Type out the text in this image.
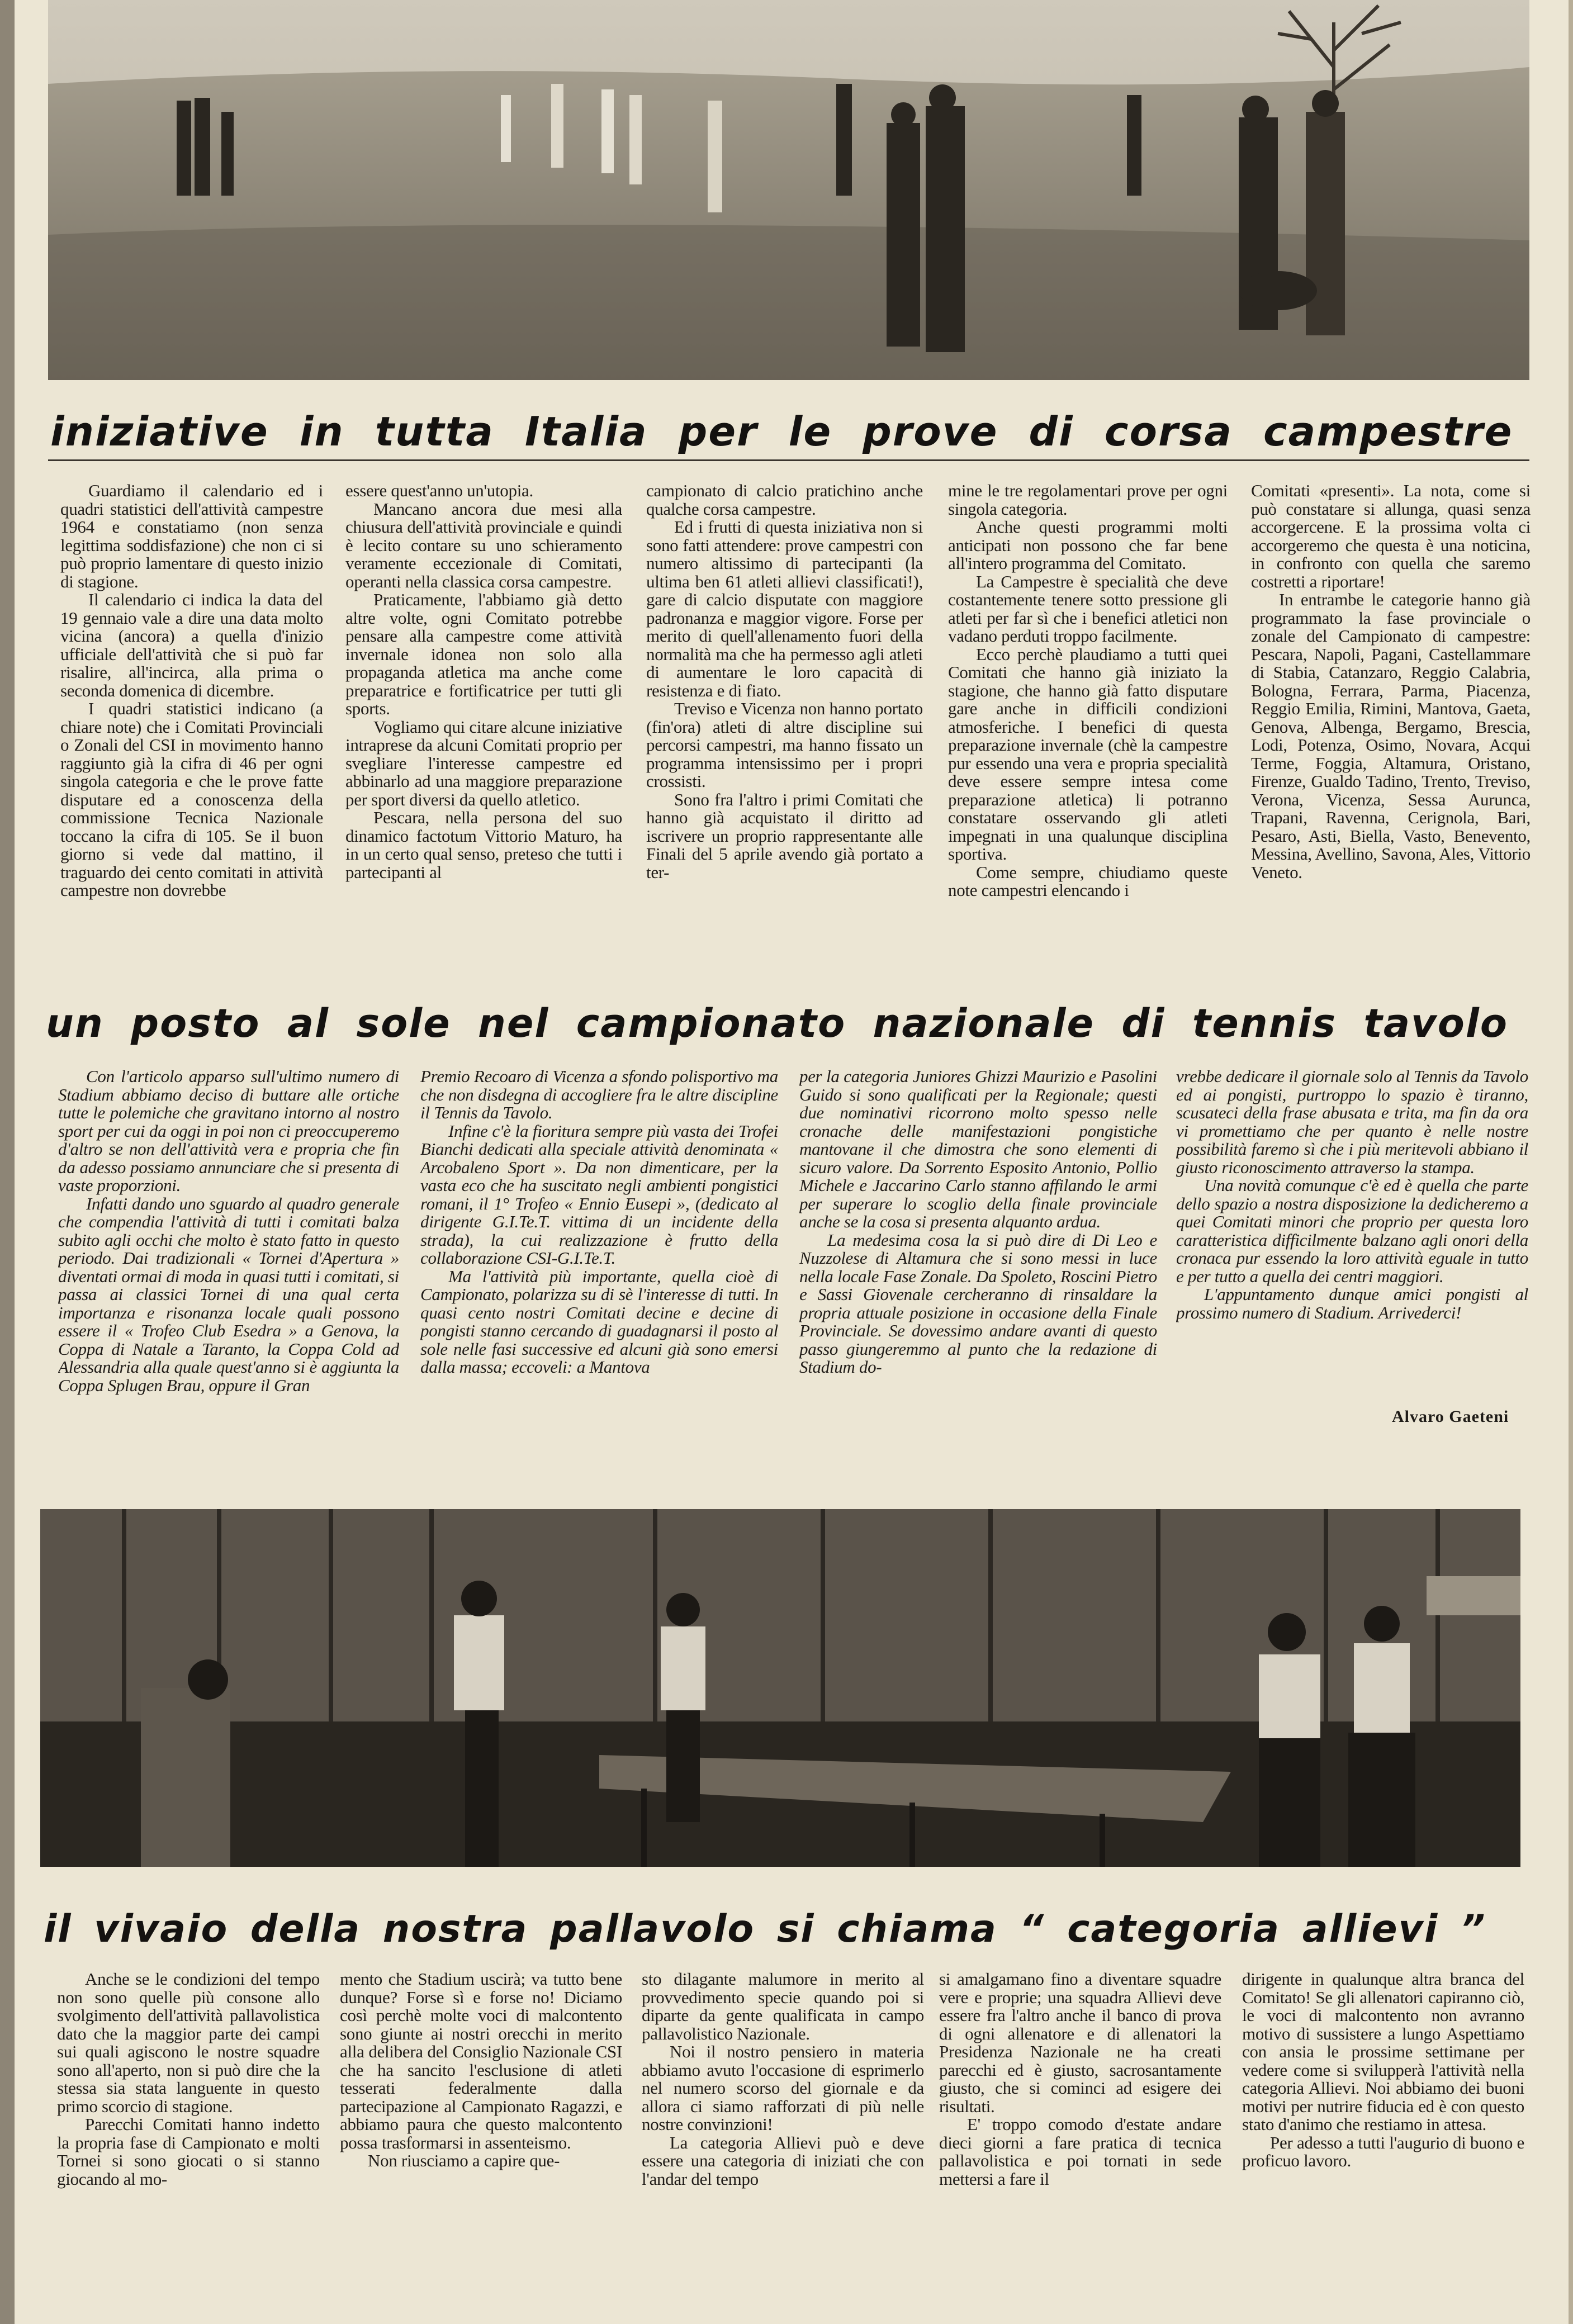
iniziative in tutta Italia per le prove di corsa campestre

Guardiamo il calendario ed i quadri statistici dell'attività campestre 1964 e constatiamo (non senza legittima soddisfazione) che non ci si può proprio lamentare di questo inizio di stagione.

Il calendario ci indica la data del 19 gennaio vale a dire una data molto vicina (ancora) a quella d'inizio ufficiale dell'attività che si può far risalire, all'incirca, alla prima o seconda domenica di dicembre.

I quadri statistici indicano (a chiare note) che i Comitati Provinciali o Zonali del CSI in movimento hanno raggiunto già la cifra di 46 per ogni singola categoria e che le prove fatte disputare ed a conoscenza della commissione Tecnica Nazionale toccano la cifra di 105. Se il buon giorno si vede dal mattino, il traguardo dei cento comitati in attività campestre non dovrebbe

essere quest'anno un'utopia.

Mancano ancora due mesi alla chiusura dell'attività provinciale e quindi è lecito contare su uno schieramento veramente eccezionale di Comitati, operanti nella classica corsa campestre.

Praticamente, l'abbiamo già detto altre volte, ogni Comitato potrebbe pensare alla campestre come attività invernale idonea non solo alla propaganda atletica ma anche come preparatrice e fortificatrice per tutti gli sports.

Vogliamo qui citare alcune iniziative intraprese da alcuni Comitati proprio per svegliare l'interesse campestre ed abbinarlo ad una maggiore preparazione per sport diversi da quello atletico.

Pescara, nella persona del suo dinamico factotum Vittorio Maturo, ha in un certo qual senso, preteso che tutti i partecipanti al

campionato di calcio pratichino anche qualche corsa campestre.

Ed i frutti di questa iniziativa non si sono fatti attendere: prove campestri con numero altissimo di partecipanti (la ultima ben 61 atleti allievi classificati!), gare di calcio disputate con maggiore padronanza e maggior vigore. Forse per merito di quell'allenamento fuori della normalità ma che ha permesso agli atleti di aumentare le loro capacità di resistenza e di fiato.

Treviso e Vicenza non hanno portato (fin'ora) atleti di altre discipline sui percorsi campestri, ma hanno fissato un programma intensissimo per i propri crossisti.

Sono fra l'altro i primi Comitati che hanno già acquistato il diritto ad iscrivere un proprio rappresentante alle Finali del 5 aprile avendo già portato a ter-

mine le tre regolamentari prove per ogni singola categoria.

Anche questi programmi molti anticipati non possono che far bene all'intero programma del Comitato.

La Campestre è specialità che deve costantemente tenere sotto pressione gli atleti per far sì che i benefici atletici non vadano perduti troppo facilmente.

Ecco perchè plaudiamo a tutti quei Comitati che hanno già iniziato la stagione, che hanno già fatto disputare gare anche in difficili condizioni atmosferiche. I benefici di questa preparazione invernale (chè la campestre pur essendo una vera e propria specialità deve essere sempre intesa come preparazione atletica) li potranno constatare osservando gli atleti impegnati in una qualunque disciplina sportiva.

Come sempre, chiudiamo queste note campestri elencando i

Comitati «presenti». La nota, come si può constatare si allunga, quasi senza accorgercene. E la prossima volta ci accorgeremo che questa è una noticina, in confronto con quella che saremo costretti a riportare!

In entrambe le categorie hanno già programmato la fase provinciale o zonale del Campionato di campestre: Pescara, Napoli, Pagani, Castellammare di Stabia, Catanzaro, Reggio Calabria, Bologna, Ferrara, Parma, Piacenza, Reggio Emilia, Rimini, Mantova, Gaeta, Genova, Albenga, Bergamo, Brescia, Lodi, Potenza, Osimo, Novara, Acqui Terme, Foggia, Altamura, Oristano, Firenze, Gualdo Tadino, Trento, Treviso, Verona, Vicenza, Sessa Aurunca, Trapani, Ravenna, Cerignola, Bari, Pesaro, Asti, Biella, Vasto, Benevento, Messina, Avellino, Savona, Ales, Vittorio Veneto.

un posto al sole nel campionato nazionale di tennis tavolo

Con l'articolo apparso sull'ultimo numero di Stadium abbiamo deciso di buttare alle ortiche tutte le polemiche che gravitano intorno al nostro sport per cui da oggi in poi non ci preoccuperemo d'altro se non dell'attività vera e propria che fin da adesso possiamo annunciare che si presenta di vaste proporzioni.

Infatti dando uno sguardo al quadro generale che compendia l'attività di tutti i comitati balza subito agli occhi che molto è stato fatto in questo periodo. Dai tradizionali « Tornei d'Apertura » diventati ormai di moda in quasi tutti i comitati, si passa ai classici Tornei di una qual certa importanza e risonanza locale quali possono essere il « Trofeo Club Esedra » a Genova, la Coppa di Natale a Taranto, la Coppa Cold ad Alessandria alla quale quest'anno si è aggiunta la Coppa Splugen Brau, oppure il Gran

Premio Recoaro di Vicenza a sfondo polisportivo ma che non disdegna di accogliere fra le altre discipline il Tennis da Tavolo.

Infine c'è la fioritura sempre più vasta dei Trofei Bianchi dedicati alla speciale attività denominata « Arcobaleno Sport ». Da non dimenticare, per la vasta eco che ha suscitato negli ambienti pongistici romani, il 1° Trofeo « Ennio Eusepi », (dedicato al dirigente G.I.Te.T. vittima di un incidente della strada), la cui realizzazione è frutto della collaborazione CSI-G.I.Te.T.

Ma l'attività più importante, quella cioè di Campionato, polarizza su di sè l'interesse di tutti. In quasi cento nostri Comitati decine e decine di pongisti stanno cercando di guadagnarsi il posto al sole nelle fasi successive ed alcuni già sono emersi dalla massa; eccoveli: a Mantova

per la categoria Juniores Ghizzi Maurizio e Pasolini Guido si sono qualificati per la Regionale; questi due nominativi ricorrono molto spesso nelle cronache delle manifestazioni pongistiche mantovane il che dimostra che sono elementi di sicuro valore. Da Sorrento Esposito Antonio, Pollio Michele e Jaccarino Carlo stanno affilando le armi per superare lo scoglio della finale provinciale anche se la cosa si presenta alquanto ardua.

La medesima cosa la si può dire di Di Leo e Nuzzolese di Altamura che si sono messi in luce nella locale Fase Zonale. Da Spoleto, Roscini Pietro e Sassi Giovenale cercheranno di rinsaldare la propria attuale posizione in occasione della Finale Provinciale. Se dovessimo andare avanti di questo passo giungeremmo al punto che la redazione di Stadium do-

vrebbe dedicare il giornale solo al Tennis da Tavolo ed ai pongisti, purtroppo lo spazio è tiranno, scusateci della frase abusata e trita, ma fin da ora vi promettiamo che per quanto è nelle nostre possibilità faremo sì che i più meritevoli abbiano il giusto riconoscimento attraverso la stampa.

Una novità comunque c'è ed è quella che parte dello spazio a nostra disposizione la dedicheremo a quei Comitati minori che proprio per questa loro caratteristica difficilmente balzano agli onori della cronaca pur essendo la loro attività eguale in tutto e per tutto a quella dei centri maggiori.

L'appuntamento dunque amici pongisti al prossimo numero di Stadium. Arrivederci!

Alvaro Gaeteni
il vivaio della nostra pallavolo si chiama “ categoria allievi ”

Anche se le condizioni del tempo non sono quelle più consone allo svolgimento dell'attività pallavolistica dato che la maggior parte dei campi sui quali agiscono le nostre squadre sono all'aperto, non si può dire che la stessa sia stata languente in questo primo scorcio di stagione.

Parecchi Comitati hanno indetto la propria fase di Campionato e molti Tornei si sono giocati o si stanno giocando al mo-

mento che Stadium uscirà; va tutto bene dunque? Forse sì e forse no! Diciamo così perchè molte voci di malcontento sono giunte ai nostri orecchi in merito alla delibera del Consiglio Nazionale CSI che ha sancito l'esclusione di atleti tesserati federalmente dalla partecipazione al Campionato Ragazzi, e abbiamo paura che questo malcontento possa trasformarsi in assenteismo.

Non riusciamo a capire que-

sto dilagante malumore in merito al provvedimento specie quando poi si diparte da gente qualificata in campo pallavolistico Nazionale.

Noi il nostro pensiero in materia abbiamo avuto l'occasione di esprimerlo nel numero scorso del giornale e da allora ci siamo rafforzati di più nelle nostre convinzioni!

La categoria Allievi può e deve essere una categoria di iniziati che con l'andar del tempo

si amalgamano fino a diventare squadre vere e proprie; una squadra Allievi deve essere fra l'altro anche il banco di prova di ogni allenatore e di allenatori la Presidenza Nazionale ne ha creati parecchi ed è giusto, sacrosantamente giusto, che si cominci ad esigere dei risultati.

E' troppo comodo d'estate andare dieci giorni a fare pratica di tecnica pallavolistica e poi tornati in sede mettersi a fare il

dirigente in qualunque altra branca del Comitato! Se gli allenatori capiranno ciò, le voci di malcontento non avranno motivo di sussistere a lungo Aspettiamo con ansia le prossime settimane per vedere come si svilupperà l'attività nella categoria Allievi. Noi abbiamo dei buoni motivi per nutrire fiducia ed è con questo stato d'animo che restiamo in attesa.

Per adesso a tutti l'augurio di buono e proficuo lavoro.
